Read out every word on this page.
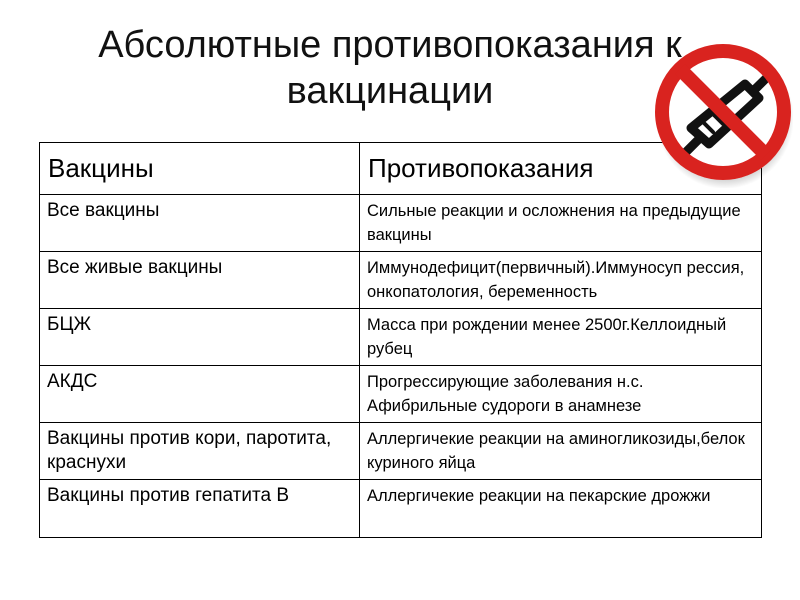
Абсолютные противопоказания к
вакцинации
Вакцины	Противопоказания
Все вакцины	Сильные реакции и осложнения на предыдущие вакцины
Все живые вакцины	Иммунодефицит(первичный).Иммуносуп рессия, онкопатология, беременность
БЦЖ	Масса при рождении менее 2500г.Келлоидный рубец
АКДС	Прогрессирующие заболевания н.с. Афибрильные судороги в анамнезе
Вакцины против кори, паротита, краснухи	Аллергичекие реакции на аминогликозиды,белок куриного яйца
Вакцины против гепатита В	Аллергичекие реакции на пекарские дрожжи
